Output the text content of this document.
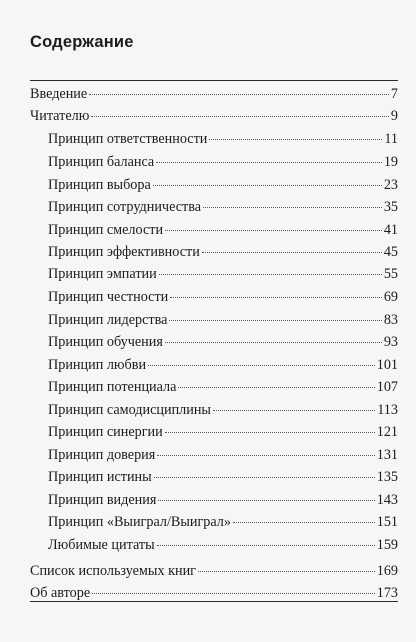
Содержание
Введение	7
Читателю	9
Принцип ответственности	11
Принцип баланса	19
Принцип выбора	23
Принцип сотрудничества	35
Принцип смелости	41
Принцип эффективности	45
Принцип эмпатии	55
Принцип честности	69
Принцип лидерства	83
Принцип обучения	93
Принцип любви	101
Принцип потенциала	107
Принцип самодисциплины	113
Принцип синергии	121
Принцип доверия	131
Принцип истины	135
Принцип видения	143
Принцип «Выиграл/Выиграл»	151
Любимые цитаты	159
Список используемых книг	169
Об авторе	173
